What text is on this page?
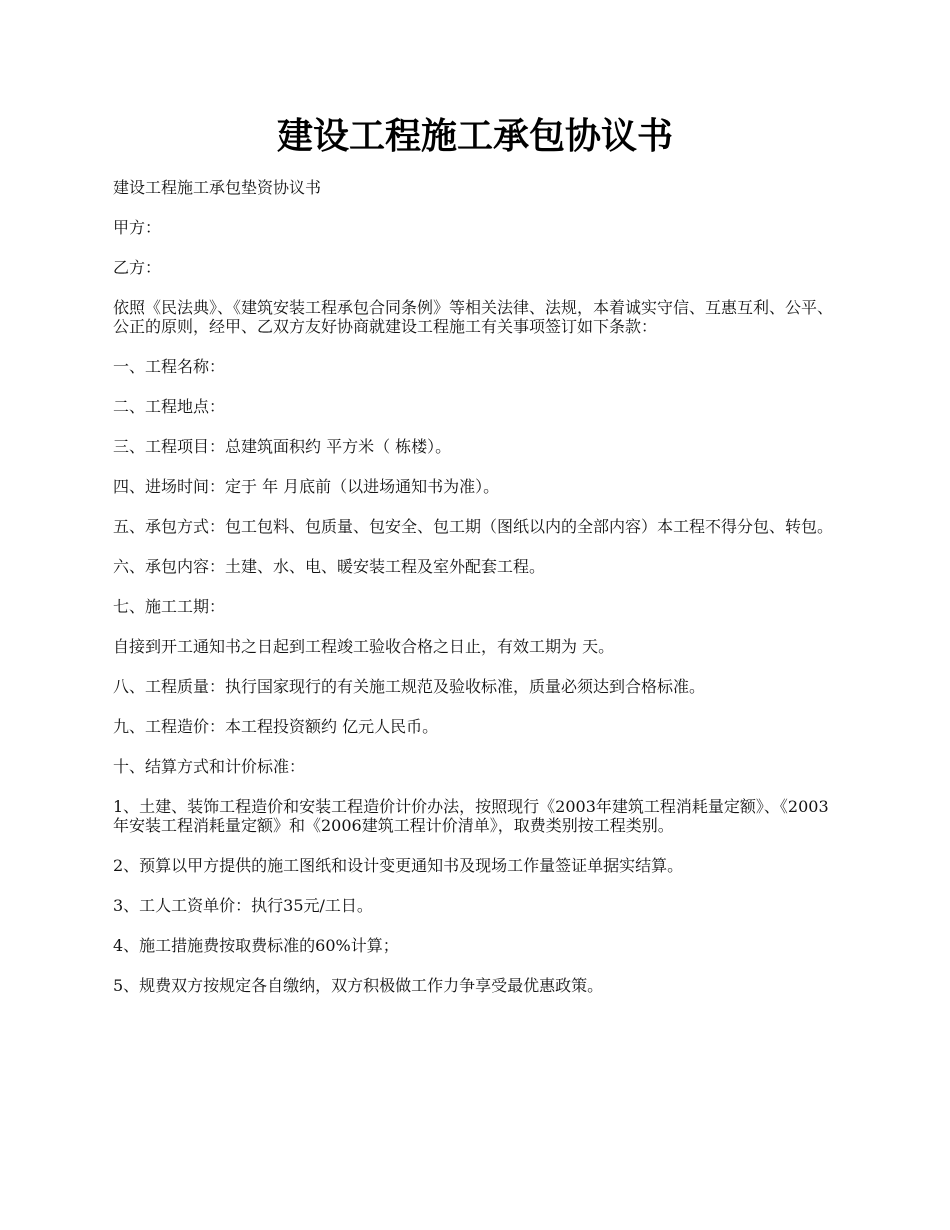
建设工程施工承包协议书

建设工程施工承包垫资协议书

甲方：

乙方：

依照《民法典》、《建筑安装工程承包合同条例》等相关法律、法规，本着诚实守信、互惠互利、公平、公正的原则，经甲、乙双方友好协商就建设工程施工有关事项签订如下条款：

一、工程名称：

二、工程地点：

三、工程项目：总建筑面积约 平方米（ 栋楼）。

四、进场时间：定于 年 月底前（以进场通知书为准）。

五、承包方式：包工包料、包质量、包安全、包工期（图纸以内的全部内容）本工程不得分包、转包。

六、承包内容：土建、水、电、暖安装工程及室外配套工程。

七、施工工期：

自接到开工通知书之日起到工程竣工验收合格之日止，有效工期为 天。

八、工程质量：执行国家现行的有关施工规范及验收标准，质量必须达到合格标准。

九、工程造价：本工程投资额约 亿元人民币。

十、结算方式和计价标准：

1、土建、装饰工程造价和安装工程造价计价办法，按照现行《2003年建筑工程消耗量定额》、《2003年安装工程消耗量定额》和《2006建筑工程计价清单》，取费类别按工程类别。

2、预算以甲方提供的施工图纸和设计变更通知书及现场工作量签证单据实结算。

3、工人工资单价：执行35元/工日。

4、施工措施费按取费标准的60%计算；

5、规费双方按规定各自缴纳，双方积极做工作力争享受最优惠政策。
